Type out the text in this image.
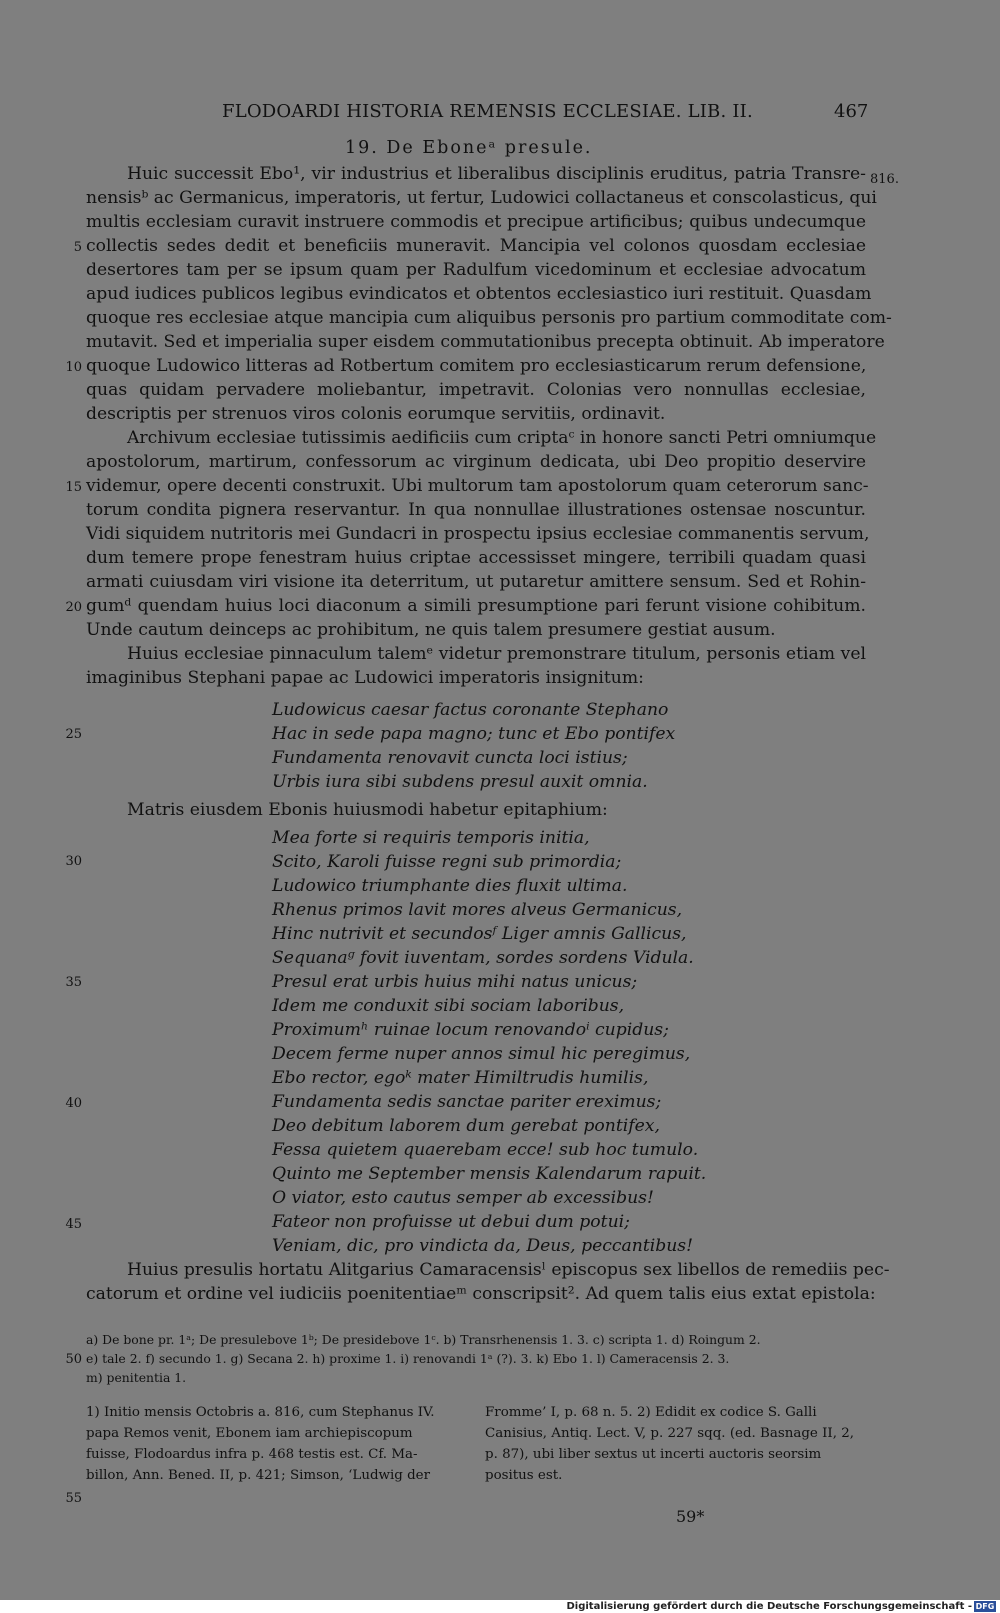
FLODOARDI HISTORIA REMENSIS ECCLESIAE. LIB. II.	467
19. De Eboneᵃ presule.
816.
Huic successit Ebo¹, vir industrius et liberalibus disciplinis eruditus, patria Transre-
nensisᵇ ac Germanicus, imperatoris, ut fertur, Ludowici collactaneus et conscolasticus, qui
multis ecclesiam curavit instruere commodis et precipue artificibus; quibus undecumque
collectis sedes dedit et beneficiis muneravit. Mancipia vel colonos quosdam ecclesiae
desertores tam per se ipsum quam per Radulfum vicedominum et ecclesiae advocatum
apud iudices publicos legibus evindicatos et obtentos ecclesiastico iuri restituit. Quasdam
quoque res ecclesiae atque mancipia cum aliquibus personis pro partium commoditate com-
mutavit. Sed et imperialia super eisdem commutationibus precepta obtinuit. Ab imperatore
quoque Ludowico litteras ad Rotbertum comitem pro ecclesiasticarum rerum defensione,
quas quidam pervadere moliebantur, impetravit. Colonias vero nonnullas ecclesiae,
descriptis per strenuos viros colonis eorumque servitiis, ordinavit.
Archivum ecclesiae tutissimis aedificiis cum criptaᶜ in honore sancti Petri omniumque
apostolorum, martirum, confessorum ac virginum dedicata, ubi Deo propitio deservire
videmur, opere decenti construxit. Ubi multorum tam apostolorum quam ceterorum sanc-
torum condita pignera reservantur. In qua nonnullae illustrationes ostensae noscuntur.
Vidi siquidem nutritoris mei Gundacri in prospectu ipsius ecclesiae commanentis servum,
dum temere prope fenestram huius criptae accessisset mingere, terribili quadam quasi
armati cuiusdam viri visione ita deterritum, ut putaretur amittere sensum. Sed et Rohin-
gumᵈ quendam huius loci diaconum a simili presumptione pari ferunt visione cohibitum.
Unde cautum deinceps ac prohibitum, ne quis talem presumere gestiat ausum.
Huius ecclesiae pinnaculum talemᵉ videtur premonstrare titulum, personis etiam vel
imaginibus Stephani papae ac Ludowici imperatoris insignitum:
5
10
15
20
25
30
35
40
45
50
55
Ludowicus caesar factus coronante Stephano
Hac in sede papa magno; tunc et Ebo pontifex
Fundamenta renovavit cuncta loci istius;
Urbis iura sibi subdens presul auxit omnia.
Matris eiusdem Ebonis huiusmodi habetur epitaphium:
Mea forte si requiris temporis initia,
Scito, Karoli fuisse regni sub primordia;
Ludowico triumphante dies fluxit ultima.
Rhenus primos lavit mores alveus Germanicus,
Hinc nutrivit et secundosᶠ Liger amnis Gallicus,
Sequanaᵍ fovit iuventam, sordes sordens Vidula.
Presul erat urbis huius mihi natus unicus;
Idem me conduxit sibi sociam laboribus,
Proximumʰ ruinae locum renovandoⁱ cupidus;
Decem ferme nuper annos simul hic peregimus,
Ebo rector, egoᵏ mater Himiltrudis humilis,
Fundamenta sedis sanctae pariter ereximus;
Deo debitum laborem dum gerebat pontifex,
Fessa quietem quaerebam ecce! sub hoc tumulo.
Quinto me September mensis Kalendarum rapuit.
O viator, esto cautus semper ab excessibus!
Fateor non profuisse ut debui dum potui;
Veniam, dic, pro vindicta da, Deus, peccantibus!
Huius presulis hortatu Alitgarius Camaracensisˡ episcopus sex libellos de remediis pec-
catorum et ordine vel iudiciis poenitentiaeᵐ conscripsit². Ad quem talis eius extat epistola:
a) De bone pr. 1ᵃ; De presulebove 1ᵇ; De presidebove 1ᶜ. b) Transrhenensis 1. 3. c) scripta 1. d) Roingum 2.
e) tale 2. f) secundo 1. g) Secana 2. h) proxime 1. i) renovandi 1ᵃ (?). 3. k) Ebo 1. l) Cameracensis 2. 3.
m) penitentia 1.
1) Initio mensis Octobris a. 816, cum Stephanus IV.
papa Remos venit, Ebonem iam archiepiscopum
fuisse, Flodoardus infra p. 468 testis est. Cf. Ma-
billon, Ann. Bened. II, p. 421; Simson, ‘Ludwig der
Fromme’ I, p. 68 n. 5. 2) Edidit ex codice S. Galli
Canisius, Antiq. Lect. V, p. 227 sqq. (ed. Basnage II, 2,
p. 87), ubi liber sextus ut incerti auctoris seorsim
positus est.
59*
Digitalisierung gefördert durch die Deutsche Forschungsgemeinschaft - DFG
